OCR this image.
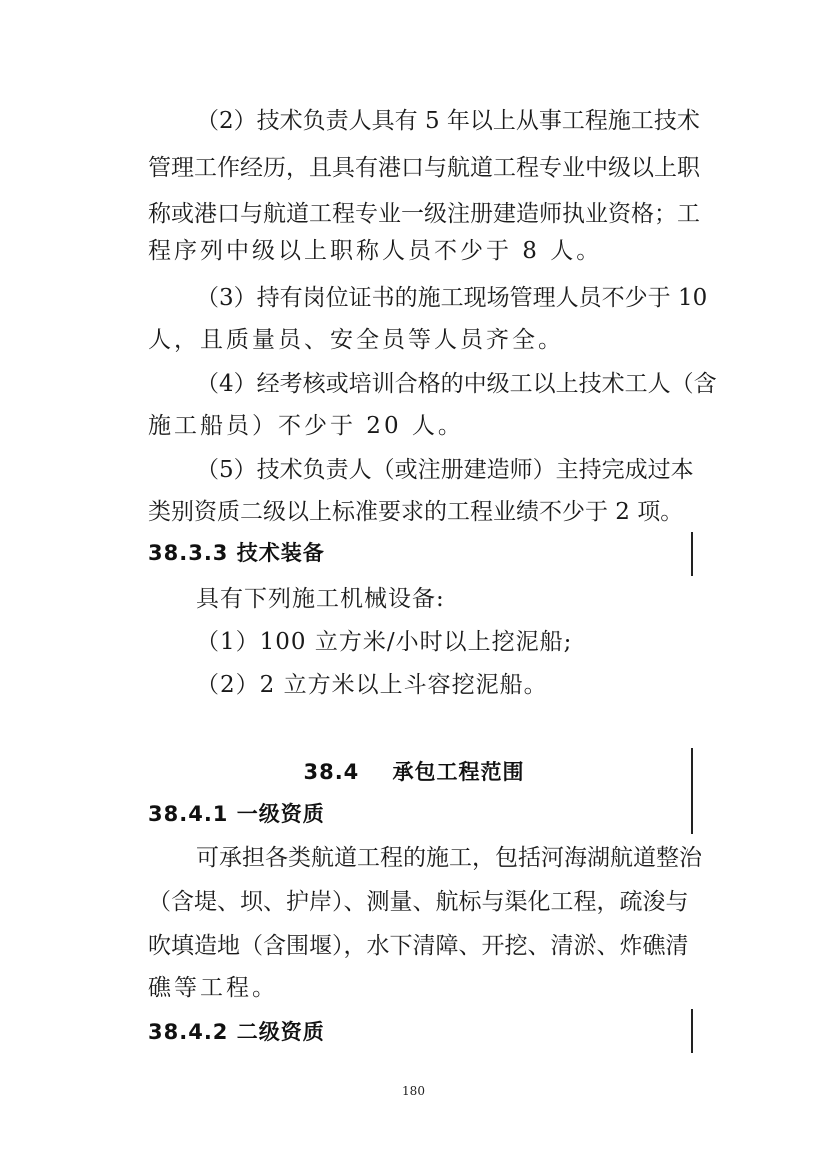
（2）技术负责人具有 5 年以上从事工程施工技术
管理工作经历，且具有港口与航道工程专业中级以上职
称或港口与航道工程专业一级注册建造师执业资格；工
程序列中级以上职称人员不少于 8 人。
（3）持有岗位证书的施工现场管理人员不少于 10
人，且质量员、安全员等人员齐全。
（4）经考核或培训合格的中级工以上技术工人（含
施工船员）不少于 20 人。
（5）技术负责人（或注册建造师）主持完成过本
类别资质二级以上标准要求的工程业绩不少于 2 项。
38.3.3 技术装备
具有下列施工机械设备:
（1）100 立方米/小时以上挖泥船;
（2）2 立方米以上斗容挖泥船。
38.4    承包工程范围
38.4.1 一级资质
可承担各类航道工程的施工，包括河海湖航道整治
（含堤、坝、护岸）、测量、航标与渠化工程，疏浚与
吹填造地（含围堰），水下清障、开挖、清淤、炸礁清
礁等工程。
38.4.2 二级资质
180
